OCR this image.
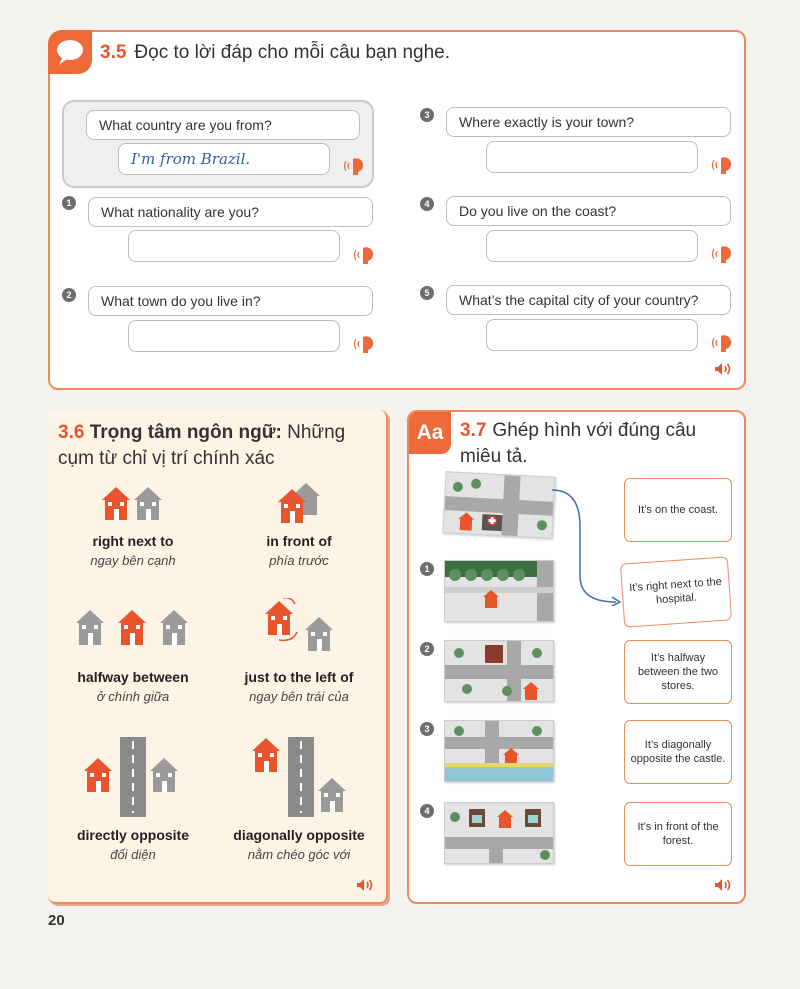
3.5 Đọc to lời đáp cho mỗi câu bạn nghe.
What country are you from?
I'm from Brazil.
1
What nationality are you?
2	What town do you live in?
3	Where exactly is your town?
4	Do you live on the coast?
5	What’s the capital city of your country?
3.6 Trọng tâm ngôn ngữ: Những cụm từ chỉ vị trí chính xác
right next to
ngay bên cạnh
in front of
phía trước
halfway between
ở chính giữa
just to the left of
ngay bên trái của
directly opposite
đối diện
diagonally opposite
nằm chéo góc với
Aa 3.7 Ghép hình với đúng câu miêu tả.
1
2
3
4
It’s on the coast.
It’s right next to the hospital.
It’s halfway between the two stores.
It’s diagonally opposite the castle.
It’s in front of the forest.
20
